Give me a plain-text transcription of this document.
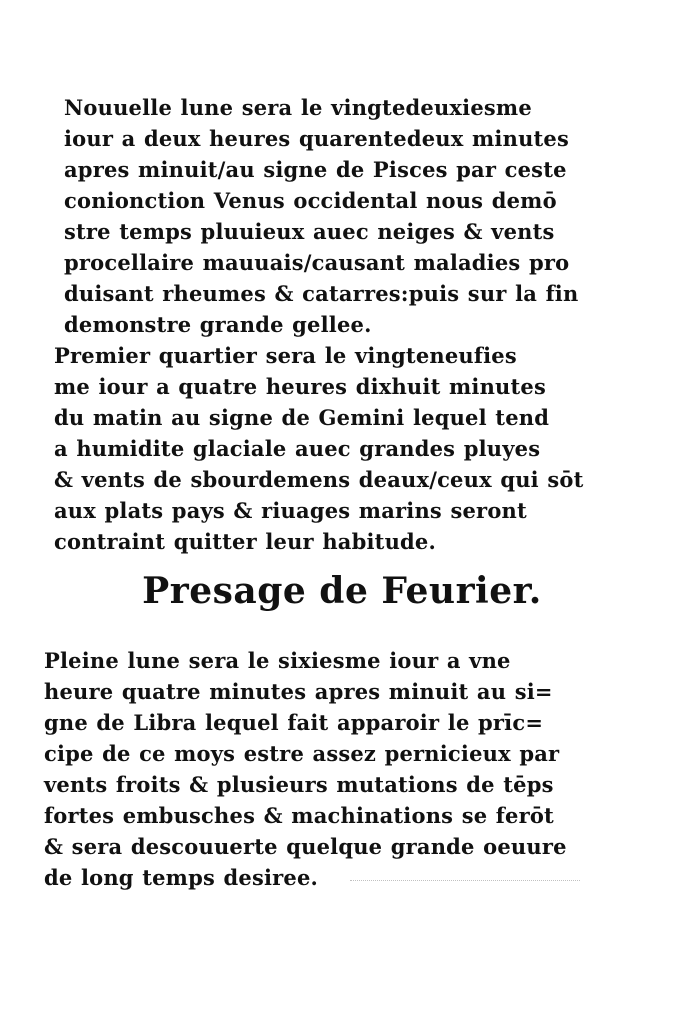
Nouuelle lune sera le vingtedeuxiesme
iour a deux heures quarentedeux minutes
apres minuit/au signe de Pisces par ceste
conionction Venus occidental nous demō
stre temps pluuieux auec neiges & vents
procellaire mauuais/causant maladies pro
duisant rheumes & catarres:puis sur la fin
demonstre grande gellee.
Premier quartier sera le vingteneufies
me iour a quatre heures dixhuit minutes
du matin au signe de Gemini lequel tend
a humidite glaciale auec grandes pluyes
& vents de sbourdemens deaux/ceux qui sōt
aux plats pays & riuages marins seront
contraint quitter leur habitude.
Presage de Feurier.
Pleine lune sera le sixiesme iour a vne
heure quatre minutes apres minuit au si=
gne de Libra lequel fait apparoir le prīc=
cipe de ce moys estre assez pernicieux par
vents froits & plusieurs mutations de tēps
fortes embusches & machinations se ferōt
& sera descouuerte quelque grande oeuure
de long temps desiree.
